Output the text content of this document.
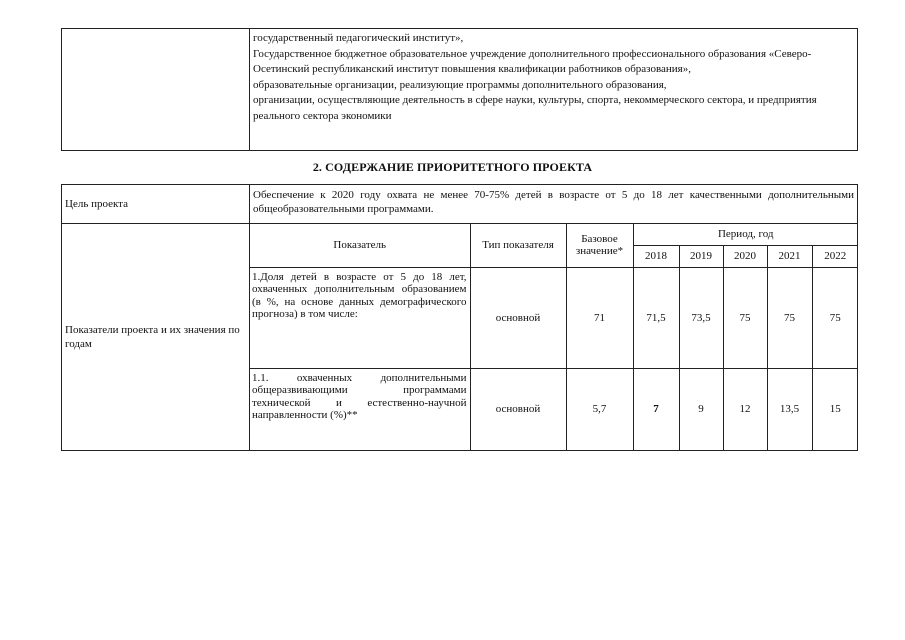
государственный педагогический институт»,
Государственное бюджетное образовательное учреждение дополнительного профессионального образования «Северо-Осетинский республиканский институт повышения квалификации работников образования»,
образовательные организации, реализующие программы дополнительного образования,
организации, осуществляющие деятельность в сфере науки, культуры, спорта, некоммерческого сектора, и предприятия реального сектора экономики
2. СОДЕРЖАНИЕ ПРИОРИТЕТНОГО ПРОЕКТА
Цель проекта	Обеспечение к 2020 году охвата не менее 70-75% детей в возрасте от 5 до 18 лет качественными дополнительными общеобразовательными программами.
Показатели проекта и их значения по годам	
Показатель	Тип показателя	Базовое значение*	Период, год
2018	2019	2020	2021	2022
1.Доля детей в возрасте от 5 до 18 лет, охваченных дополнительным образованием (в %, на основе данных демографического прогноза) в том числе:	основной	71	71,5	73,5	75	75	75
1.1. охваченных дополнительными общеразвивающими программами технической и естественно-научной направленности (%)**	основной	5,7	7	9	12	13,5	15
